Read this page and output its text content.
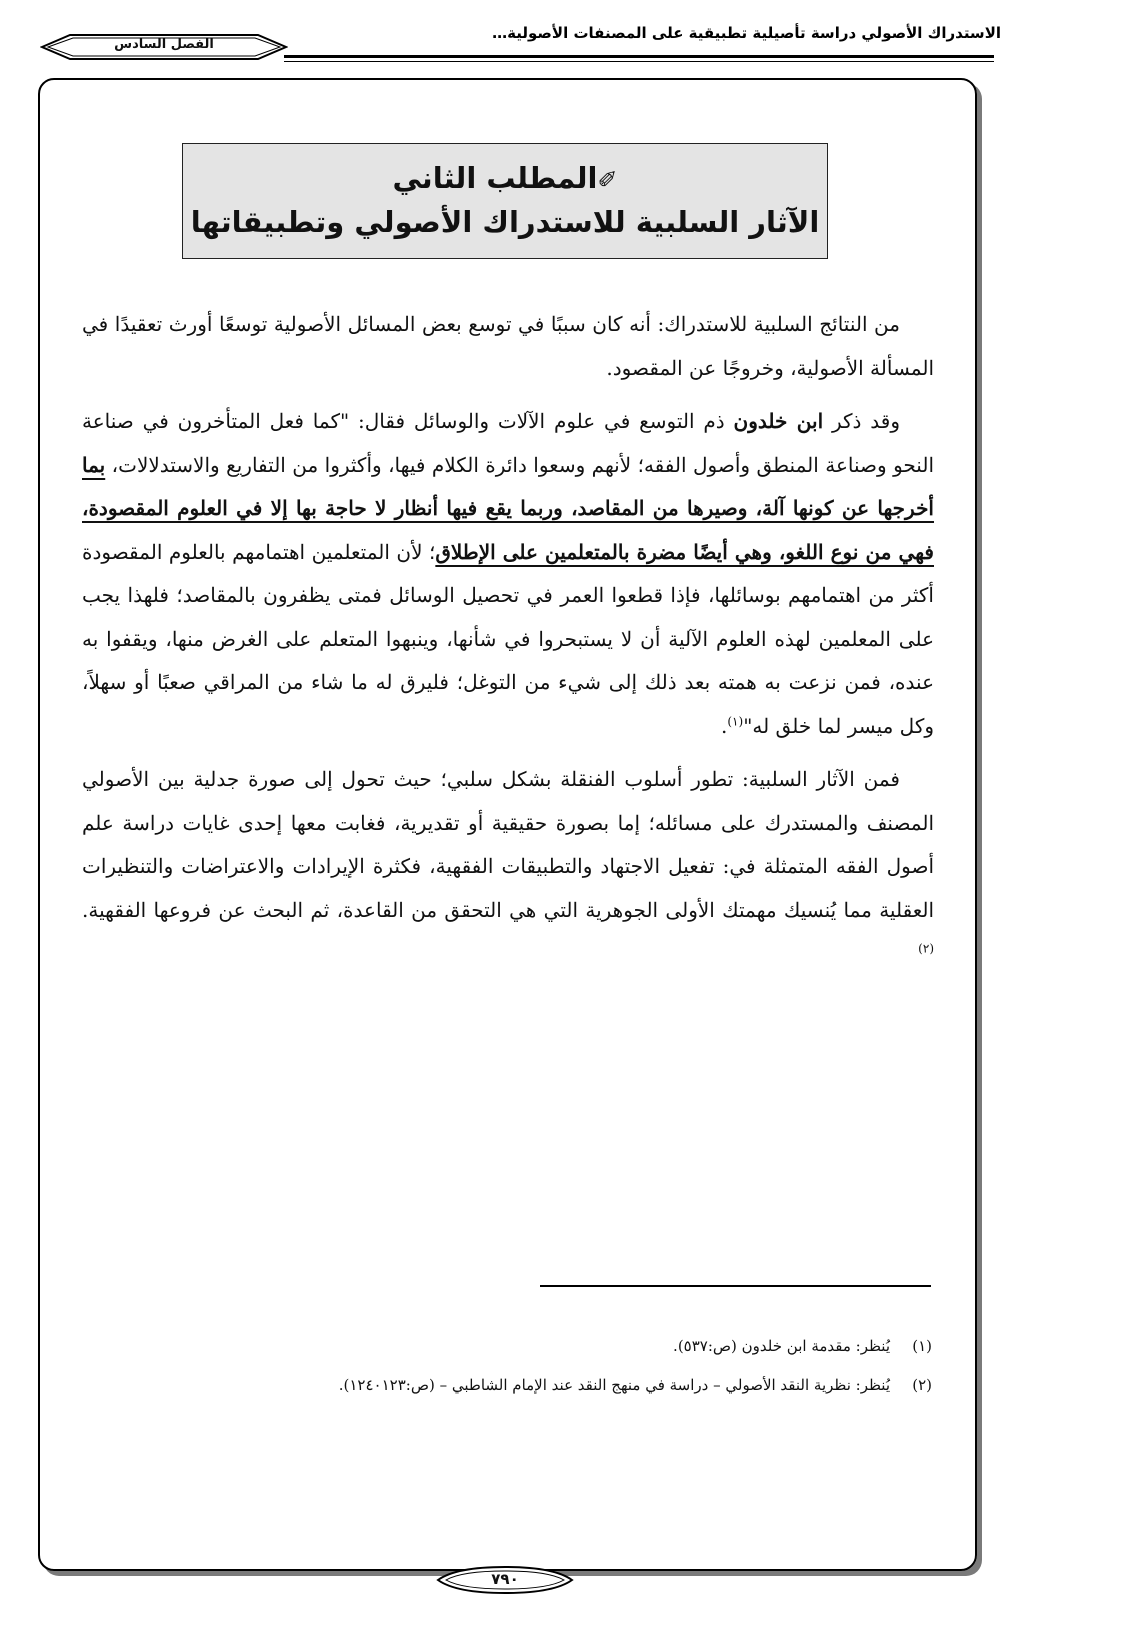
الاستدراك الأصولي دراسة تأصيلية تطبيقية على المصنفات الأصولية…
الفصل السادس
✐المطلب الثاني
الآثار السلبية للاستدراك الأصولي وتطبيقاتها

من النتائج السلبية للاستدراك: أنه كان سببًا في توسع بعض المسائل الأصولية توسعًا أورث تعقيدًا في المسألة الأصولية، وخروجًا عن المقصود.

وقد ذكر ابن خلدون ذم التوسع في علوم الآلات والوسائل فقال: "كما فعل المتأخرون في صناعة النحو وصناعة المنطق وأصول الفقه؛ لأنهم وسعوا دائرة الكلام فيها، وأكثروا من التفاريع والاستدلالات، بما أخرجها عن كونها آلة، وصيرها من المقاصد، وربما يقع فيها أنظار لا حاجة بها إلا في العلوم المقصودة، فهي من نوع اللغو، وهي أيضًا مضرة بالمتعلمين على الإطلاق؛ لأن المتعلمين اهتمامهم بالعلوم المقصودة أكثر من اهتمامهم بوسائلها، فإذا قطعوا العمر في تحصيل الوسائل فمتى يظفرون بالمقاصد؛ فلهذا يجب على المعلمين لهذه العلوم الآلية أن لا يستبحروا في شأنها، وينبهوا المتعلم على الغرض منها، ويقفوا به عنده، فمن نزعت به همته بعد ذلك إلى شيء من التوغل؛ فليرق له ما شاء من المراقي صعبًا أو سهلاً، وكل ميسر لما خلق له"$^{(١)}$.

فمن الآثار السلبية: تطور أسلوب الفنقلة بشكل سلبي؛ حيث تحول إلى صورة جدلية بين الأصولي المصنف والمستدرك على مسائله؛ إما بصورة حقيقية أو تقديرية، فغابت معها إحدى غايات دراسة علم أصول الفقه المتمثلة في: تفعيل الاجتهاد والتطبيقات الفقهية، فكثرة الإيرادات والاعتراضات والتنظيرات العقلية مما يُنسيك مهمتك الأولى الجوهرية التي هي التحقق من القاعدة، ثم البحث عن فروعها الفقهية.$^{(٢)}$

(١)يُنظر: مقدمة ابن خلدون (ص:٥٣٧).
(٢)يُنظر: نظرية النقد الأصولي – دراسة في منهج النقد عند الإمام الشاطبي – (ص:١٢٤٠١٢٣).
٧٩٠
